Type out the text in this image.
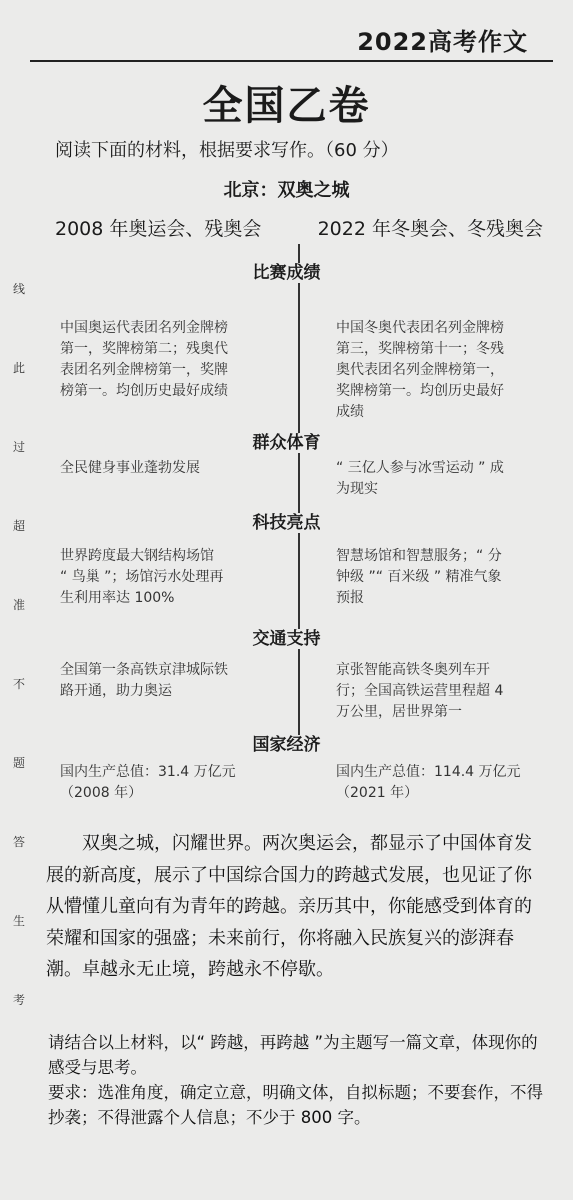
2022高考作文
全国乙卷
阅读下面的材料，根据要求写作。（60 分）
北京：双奥之城
2008 年奥运会、残奥会	2022 年冬奥会、冬残奥会
线
此
过
超
准
不
题
答
生
考
比赛成绩
中国奥运代表团名列金牌榜
第一，奖牌榜第二；残奥代
表团名列金牌榜第一，奖牌
榜第一。均创历史最好成绩
中国冬奥代表团名列金牌榜
第三，奖牌榜第十一；冬残
奥代表团名列金牌榜第一，
奖牌榜第一。均创历史最好
成绩
群众体育
全民健身事业蓬勃发展	“ 三亿人参与冰雪运动 ” 成
为现实
科技亮点
世界跨度最大钢结构场馆
“ 鸟巢 ”；场馆污水处理再
生利用率达 100%
智慧场馆和智慧服务；“ 分
钟级 ”“ 百米级 ” 精准气象
预报
交通支持
全国第一条高铁京津城际铁
路开通，助力奥运
京张智能高铁冬奥列车开
行；全国高铁运营里程超 4
万公里，居世界第一
国家经济
国内生产总值：31.4 万亿元
（2008 年）
国内生产总值：114.4 万亿元
（2021 年）
双奥之城，闪耀世界。两次奥运会，都显示了中国体育发展的新高度，展示了中国综合国力的跨越式发展，也见证了你从懵懂儿童向有为青年的跨越。亲历其中，你能感受到体育的荣耀和国家的强盛；未来前行，你将融入民族复兴的澎湃春潮。卓越永无止境，跨越永不停歇。

请结合以上材料，以“ 跨越，再跨越 ”为主题写一篇文章，体现你的感受与思考。

要求：选准角度，确定立意，明确文体，自拟标题；不要套作，不得抄袭；不得泄露个人信息；不少于 800 字。
